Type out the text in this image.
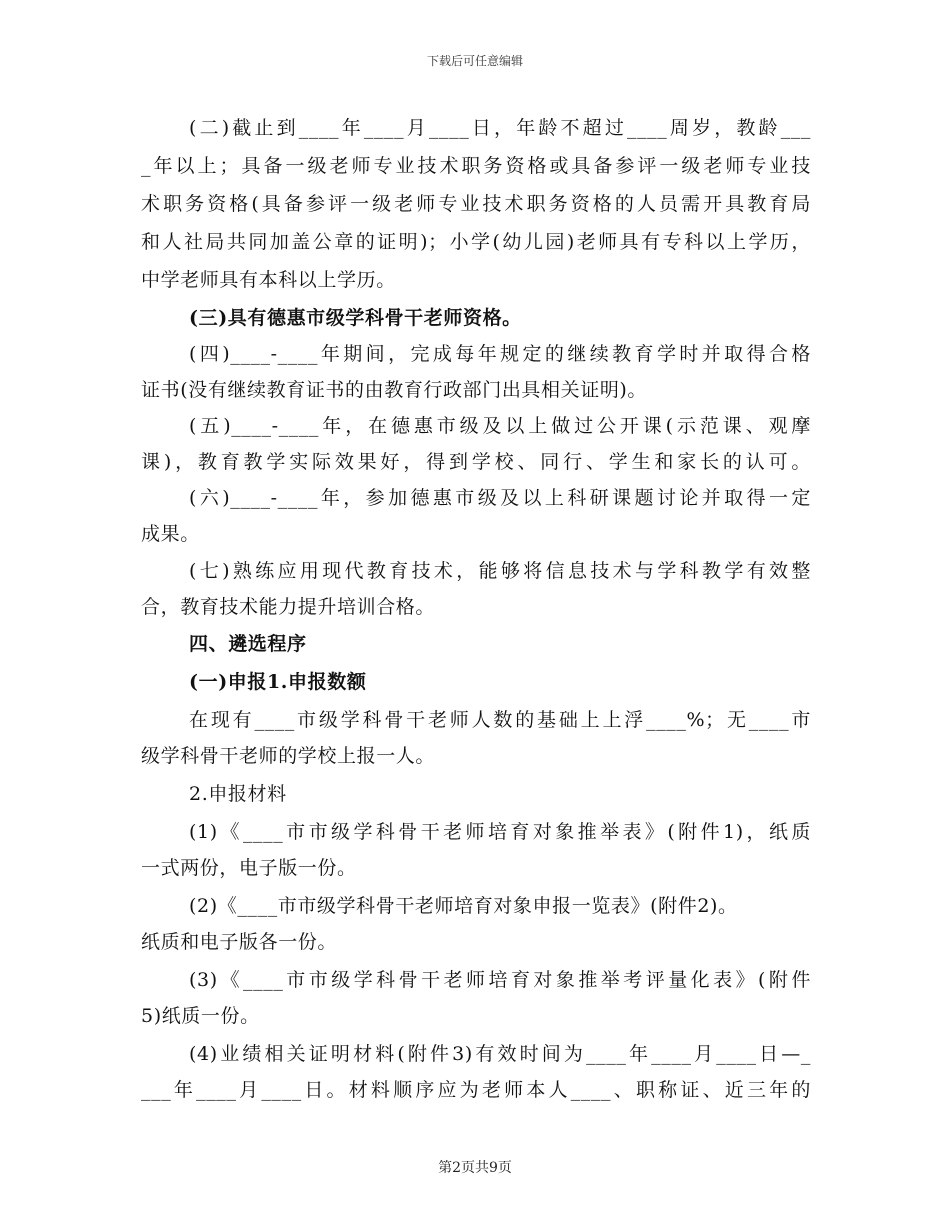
下载后可任意编辑
(二)截止到____年____月____日，年龄不超过____周岁，教龄___
_年以上；具备一级老师专业技术职务资格或具备参评一级老师专业技
术职务资格(具备参评一级老师专业技术职务资格的人员需开具教育局
和人社局共同加盖公章的证明)；小学(幼儿园)老师具有专科以上学历，
中学老师具有本科以上学历。
(三)具有德惠市级学科骨干老师资格。
(四)____-____年期间，完成每年规定的继续教育学时并取得合格
证书(没有继续教育证书的由教育行政部门出具相关证明)。
(五)____-____年，在德惠市级及以上做过公开课(示范课、观摩
课)，教育教学实际效果好，得到学校、同行、学生和家长的认可。
(六)____-____年，参加德惠市级及以上科研课题讨论并取得一定
成果。
(七)熟练应用现代教育技术，能够将信息技术与学科教学有效整
合，教育技术能力提升培训合格。
四、遴选程序
(一)申报1.申报数额
在现有____市级学科骨干老师人数的基础上上浮____%；无____市
级学科骨干老师的学校上报一人。
2.申报材料
(1)《____市市级学科骨干老师培育对象推举表》(附件1)，纸质
一式两份，电子版一份。
(2)《____市市级学科骨干老师培育对象申报一览表》(附件2)。
纸质和电子版各一份。
(3)《____市市级学科骨干老师培育对象推举考评量化表》(附件
5)纸质一份。
(4)业绩相关证明材料(附件3)有效时间为____年____月____日—_
___年____月____日。材料顺序应为老师本人____、职称证、近三年的
第2页共9页
